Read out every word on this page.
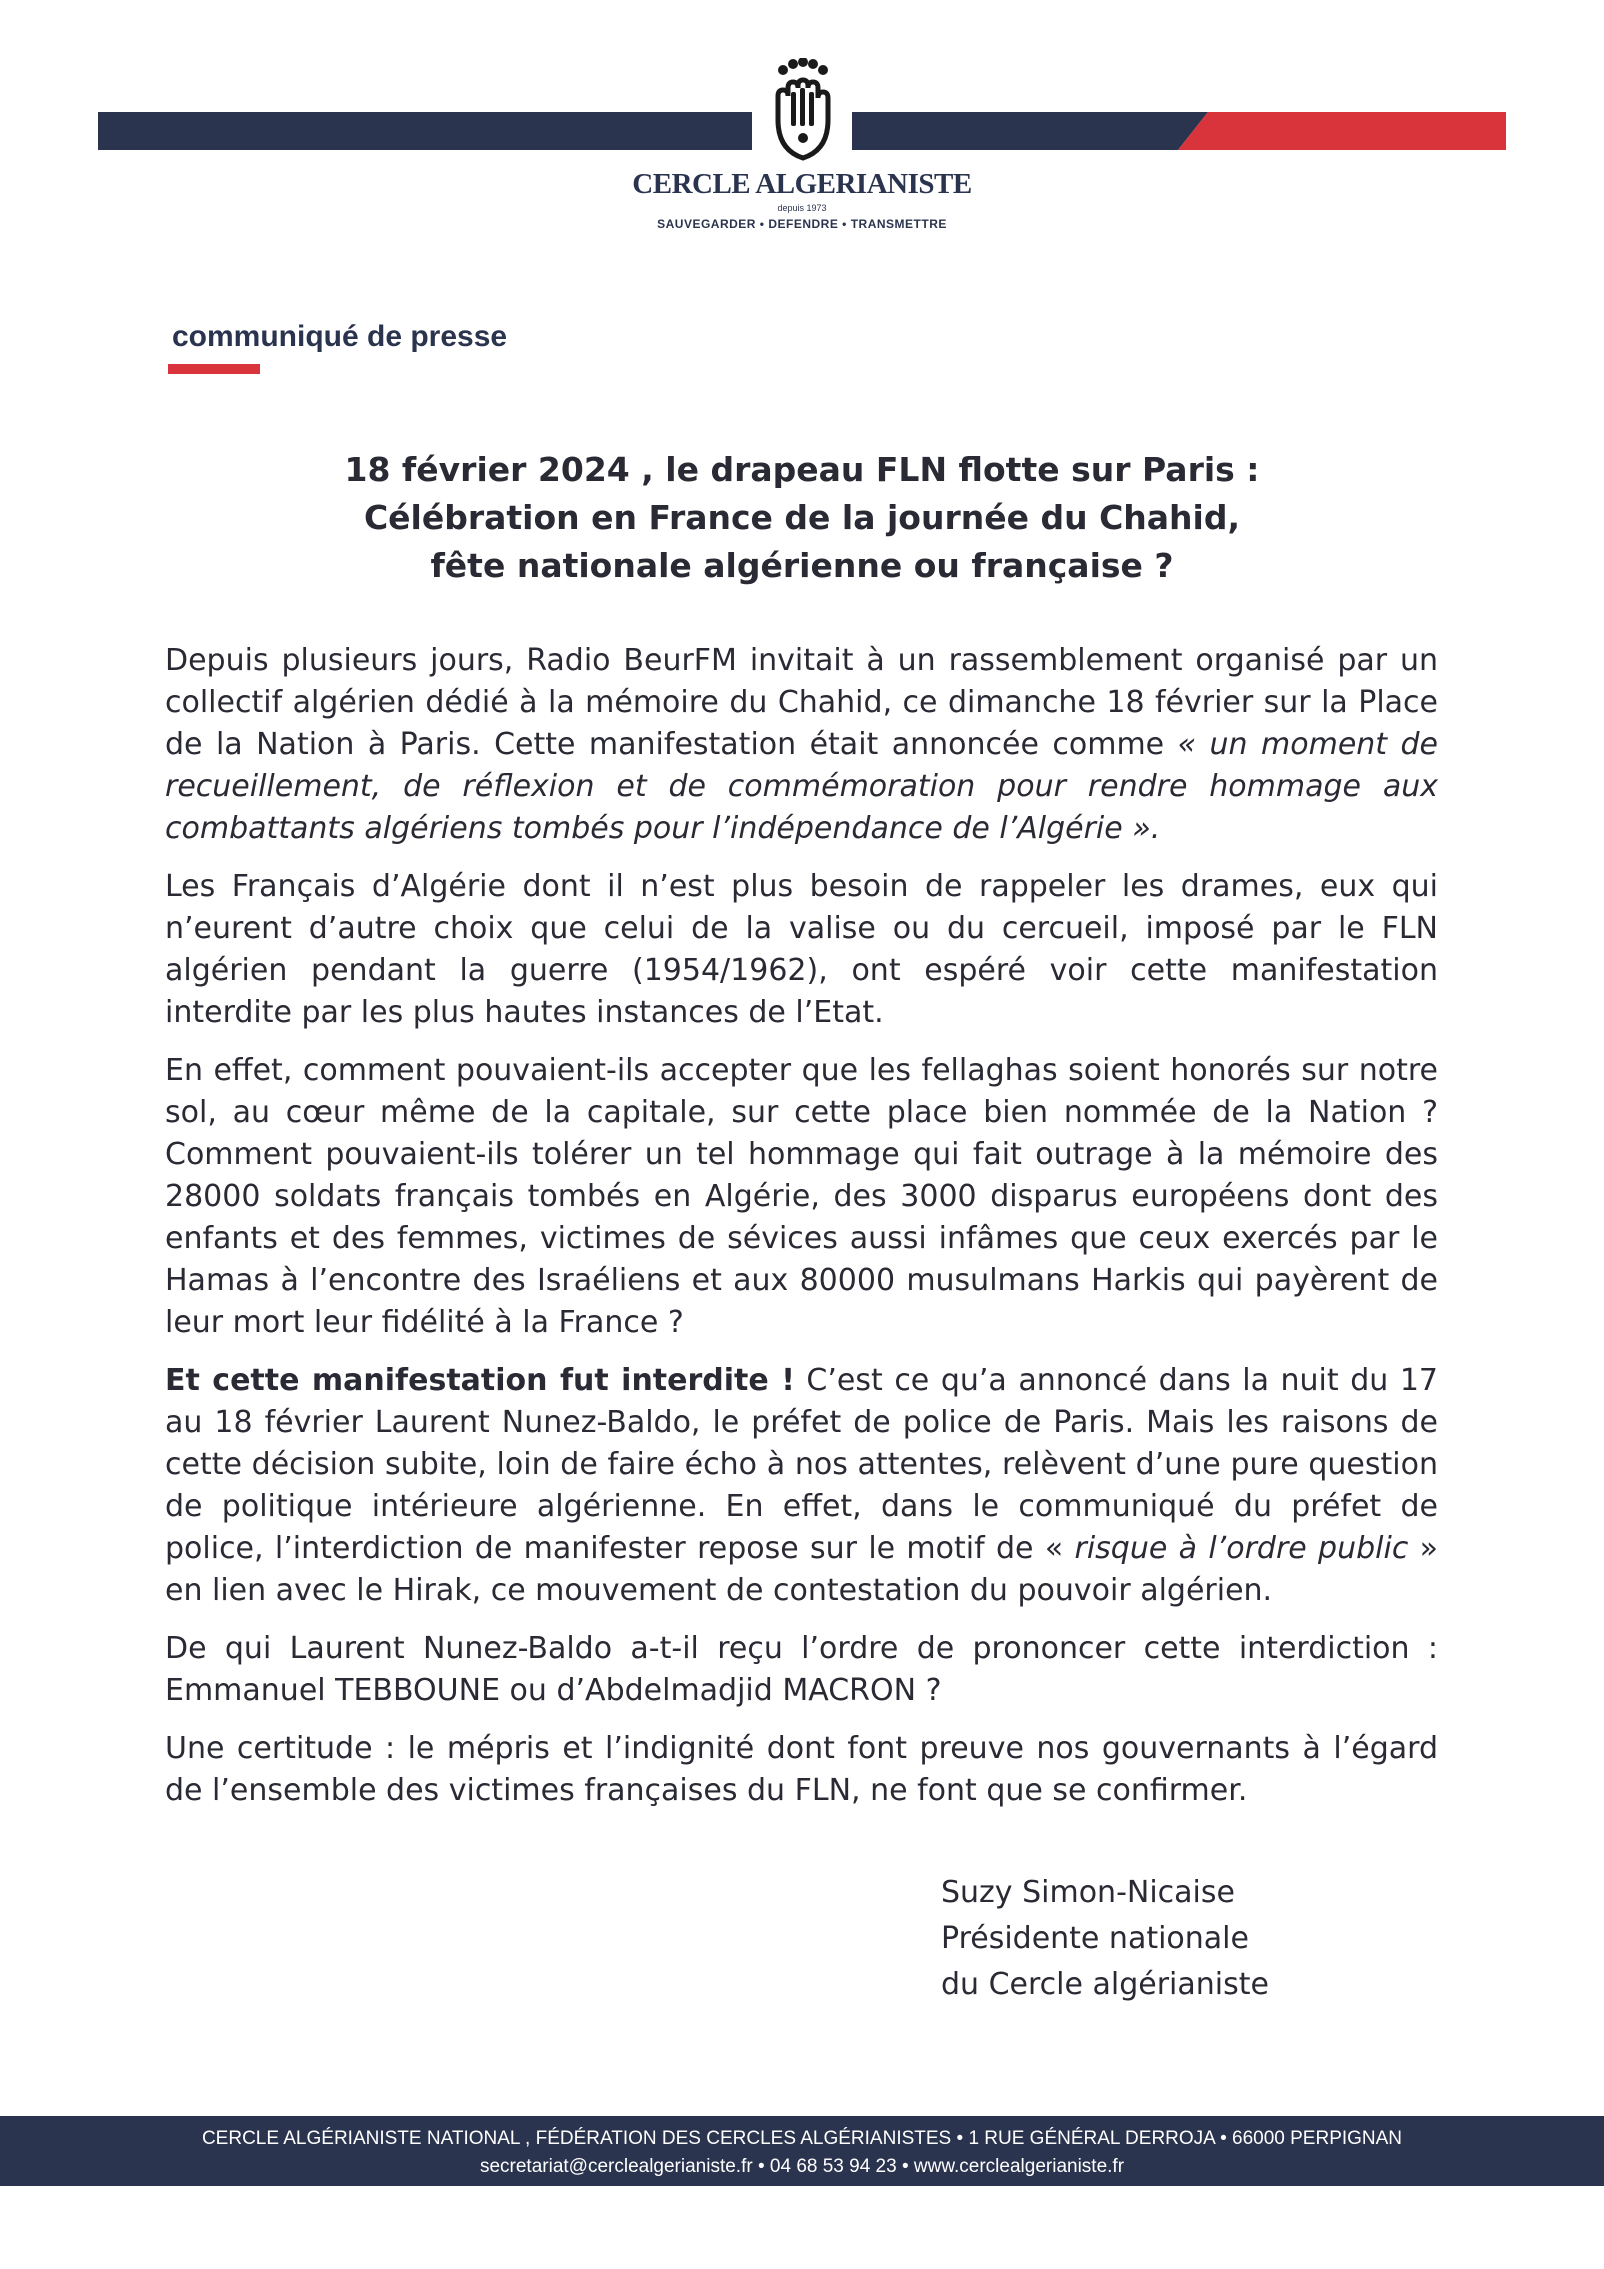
CERCLE ALGERIANISTE
depuis 1973
SAUVEGARDER • DEFENDRE • TRANSMETTRE
communiqué de presse
18 février 2024 , le drapeau FLN flotte sur Paris :
Célébration en France de la journée du Chahid,
fête nationale algérienne ou française ?

Depuis plusieurs jours, Radio BeurFM invitait à un rassemblement organisé par un collectif algérien dédié à la mémoire du Chahid, ce dimanche 18 février sur la Place de la Nation à Paris. Cette manifestation était annoncée comme « un moment de recueillement, de réflexion et de commémoration pour rendre hommage aux combattants algériens tombés pour l’indépendance de l’Algérie ».

Les Français d’Algérie dont il n’est plus besoin de rappeler les drames, eux qui n’eurent d’autre choix que celui de la valise ou du cercueil, imposé par le FLN algérien pendant la guerre (1954/1962), ont espéré voir cette manifestation interdite par les plus hautes instances de l’Etat.

En effet, comment pouvaient-ils accepter que les fellaghas soient honorés sur notre sol, au cœur même de la capitale, sur cette place bien nommée de la Nation ? Comment pouvaient-ils tolérer un tel hommage qui fait outrage à la mémoire des 28000 soldats français tombés en Algérie, des 3000 disparus européens dont des enfants et des femmes, victimes de sévices aussi infâmes que ceux exercés par le Hamas à l’encontre des Israéliens et aux 80000 musulmans Harkis qui payèrent de leur mort leur fidélité à la France ?

Et cette manifestation fut interdite ! C’est ce qu’a annoncé dans la nuit du 17 au 18 février Laurent Nunez-Baldo, le préfet de police de Paris. Mais les raisons de cette décision subite, loin de faire écho à nos attentes, relèvent d’une pure question de politique intérieure algérienne. En effet, dans le communiqué du préfet de police, l’interdiction de manifester repose sur le motif de « risque à l’ordre public » en lien avec le Hirak, ce mouvement de contestation du pouvoir algérien.

De qui Laurent Nunez-Baldo a-t-il reçu l’ordre de prononcer cette interdiction : Emmanuel TEBBOUNE ou d’Abdelmadjid MACRON ?

Une certitude : le mépris et l’indignité dont font preuve nos gouvernants à l’égard de l’ensemble des victimes françaises du FLN, ne font que se confirmer.

Suzy Simon-Nicaise
Présidente nationale
du Cercle algérianiste
CERCLE ALGÉRIANISTE NATIONAL , FÉDÉRATION DES CERCLES ALGÉRIANISTES • 1 RUE GÉNÉRAL DERROJA • 66000 PERPIGNAN
secretariat@cerclealgerianiste.fr • 04 68 53 94 23 • www.cerclealgerianiste.fr
